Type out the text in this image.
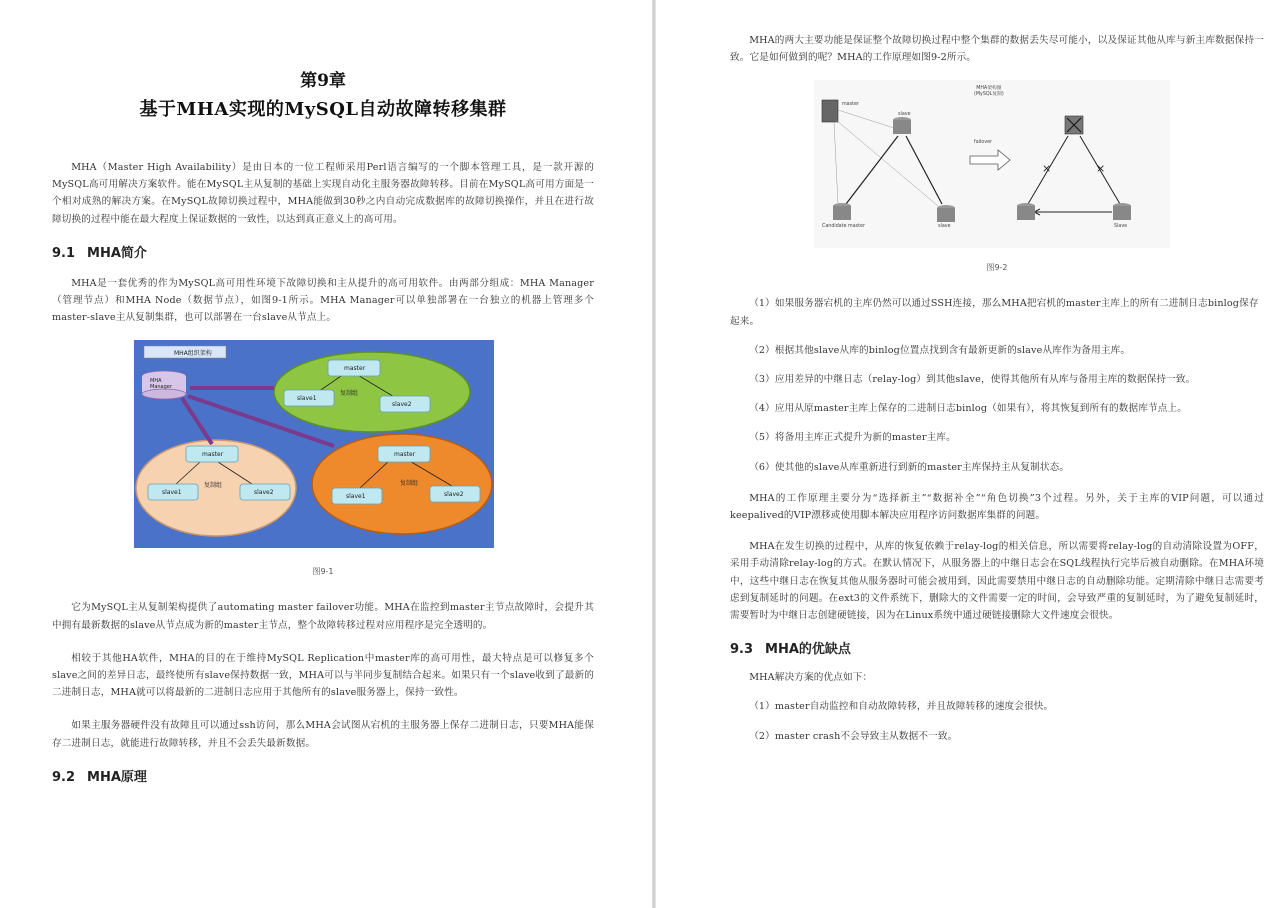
第9章
基于MHA实现的MySQL自动故障转移集群

MHA（Master High Availability）是由日本的一位工程师采用Perl语言编写的一个脚本管理工具，是一款开源的MySQL高可用解决方案软件。能在MySQL主从复制的基础上实现自动化主服务器故障转移。目前在MySQL高可用方面是一个相对成熟的解决方案。在MySQL故障切换过程中，MHA能做到30秒之内自动完成数据库的故障切换操作，并且在进行故障切换的过程中能在最大程度上保证数据的一致性，以达到真正意义上的高可用。

9.1 MHA简介

MHA是一套优秀的作为MySQL高可用性环境下故障切换和主从提升的高可用软件。由两部分组成：MHA Manager（管理节点）和MHA Node（数据节点），如图9-1所示。MHA Manager可以单独部署在一台独立的机器上管理多个master-slave主从复制集群，也可以部署在一台slave从节点上。

MHA组织架构
MHA
Manager
master
slave1
slave2
复制组
master
slave1	slave2
复制组
master
slave1	slave2
复制组
图9-1

它为MySQL主从复制架构提供了automating master failover功能。MHA在监控到master主节点故障时，会提升其中拥有最新数据的slave从节点成为新的master主节点，整个故障转移过程对应用程序是完全透明的。

相较于其他HA软件，MHA的目的在于维持MySQL Replication中master库的高可用性，最大特点是可以修复多个slave之间的差异日志，最终使所有slave保持数据一致，MHA可以与半同步复制结合起来。如果只有一个slave收到了最新的二进制日志，MHA就可以将最新的二进制日志应用于其他所有的slave服务器上，保持一致性。

如果主服务器硬件没有故障且可以通过ssh访问，那么MHA会试图从宕机的主服务器上保存二进制日志，只要MHA能保存二进制日志，就能进行故障转移，并且不会丢失最新数据。

9.2 MHA原理

MHA的两大主要功能是保证整个故障切换过程中整个集群的数据丢失尽可能小，以及保证其他从库与新主库数据保持一致。它是如何做到的呢？MHA的工作原理如图9-2所示。

×	×
MHA架构图
(MySQL复制)
master
slave
failover
slave
Candidate master	Slave
图9-2

（1）如果服务器宕机的主库仍然可以通过SSH连接，那么MHA把宕机的master主库上的所有二进制日志binlog保存起来。

（2）根据其他slave从库的binlog位置点找到含有最新更新的slave从库作为备用主库。

（3）应用差异的中继日志（relay-log）到其他slave，使得其他所有从库与备用主库的数据保持一致。

（4）应用从原master主库上保存的二进制日志binlog（如果有），将其恢复到所有的数据库节点上。

（5）将备用主库正式提升为新的master主库。

（6）使其他的slave从库重新进行到新的master主库保持主从复制状态。

MHA的工作原理主要分为“选择新主”“数据补全”“角色切换”3个过程。另外，关于主库的VIP问题，可以通过keepalived的VIP漂移或使用脚本解决应用程序访问数据库集群的问题。

MHA在发生切换的过程中，从库的恢复依赖于relay-log的相关信息，所以需要将relay-log的自动清除设置为OFF，采用手动清除relay-log的方式。在默认情况下，从服务器上的中继日志会在SQL线程执行完毕后被自动删除。在MHA环境中，这些中继日志在恢复其他从服务器时可能会被用到，因此需要禁用中继日志的自动删除功能。定期清除中继日志需要考虑到复制延时的问题。在ext3的文件系统下，删除大的文件需要一定的时间，会导致严重的复制延时，为了避免复制延时，需要暂时为中继日志创建硬链接，因为在Linux系统中通过硬链接删除大文件速度会很快。

9.3 MHA的优缺点

MHA解决方案的优点如下：

（1）master自动监控和自动故障转移，并且故障转移的速度会很快。

（2）master crash不会导致主从数据不一致。
